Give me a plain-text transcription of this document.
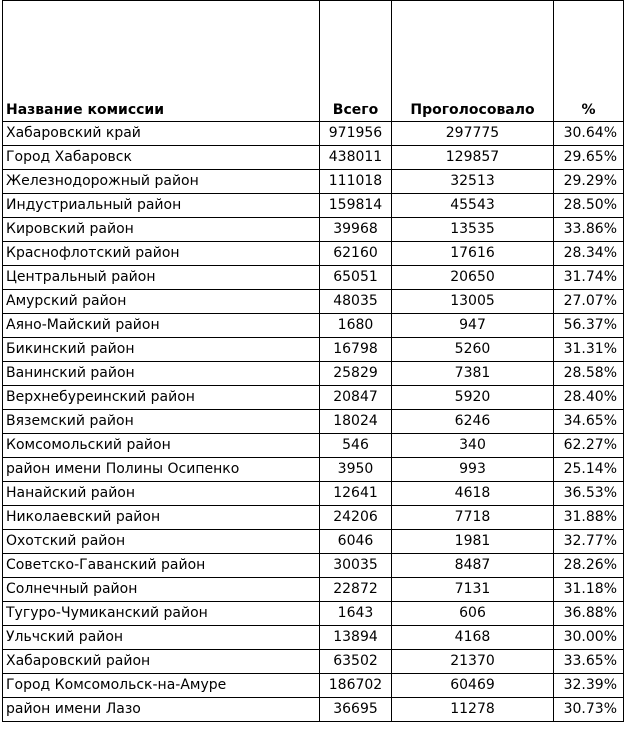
Название комиссии	Всего	Проголосовало	%
Хабаровский край	971956	297775	30.64%
Город Хабаровск	438011	129857	29.65%
Железнодорожный район	111018	32513	29.29%
Индустриальный район	159814	45543	28.50%
Кировский район	39968	13535	33.86%
Краснофлотский район	62160	17616	28.34%
Центральный район	65051	20650	31.74%
Амурский район	48035	13005	27.07%
Аяно-Майский район	1680	947	56.37%
Бикинский район	16798	5260	31.31%
Ванинский район	25829	7381	28.58%
Верхнебуреинский район	20847	5920	28.40%
Вяземский район	18024	6246	34.65%
Комсомольский район	546	340	62.27%
район имени Полины Осипенко	3950	993	25.14%
Нанайский район	12641	4618	36.53%
Николаевский район	24206	7718	31.88%
Охотский район	6046	1981	32.77%
Советско-Гаванский район	30035	8487	28.26%
Солнечный район	22872	7131	31.18%
Тугуро-Чумиканский район	1643	606	36.88%
Ульчский район	13894	4168	30.00%
Хабаровский район	63502	21370	33.65%
Город Комсомольск-на-Амуре	186702	60469	32.39%
район имени Лазо	36695	11278	30.73%
